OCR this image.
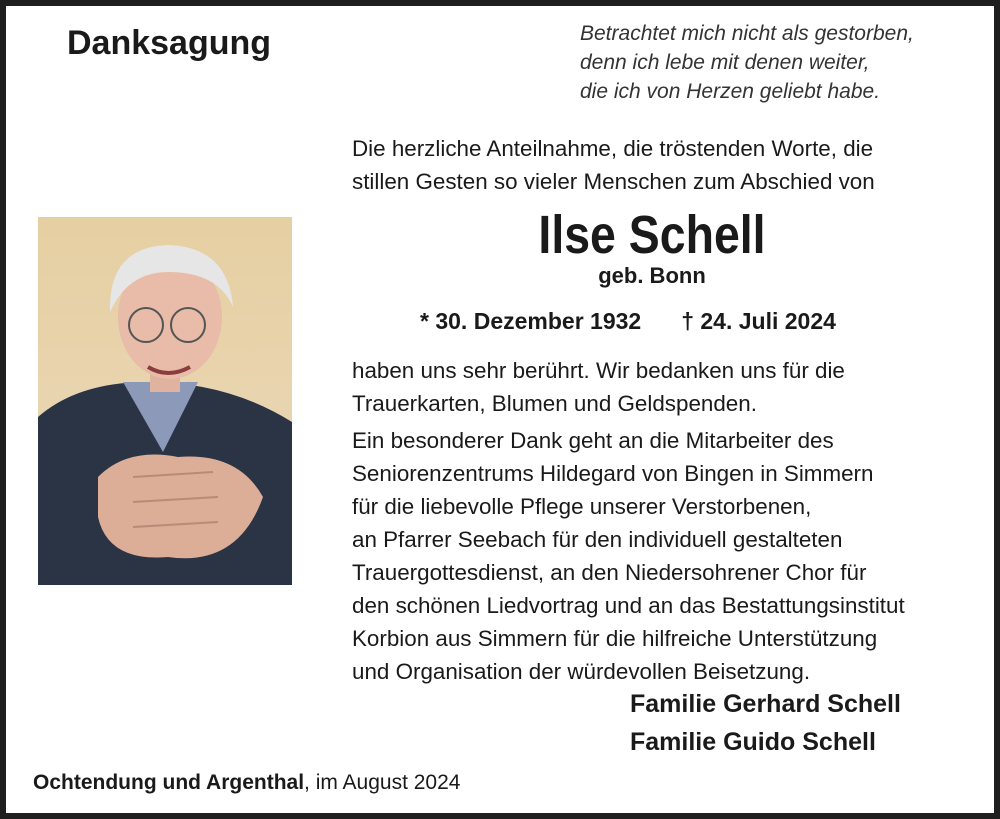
Danksagung	Betrachtet mich nicht als gestorben,
denn ich lebe mit denen weiter,
die ich von Herzen geliebt habe.
Die herzliche Anteilnahme, die tröstenden Worte, die
stillen Gesten so vieler Menschen zum Abschied von
Ilse Schell
geb. Bonn
* 30. Dezember 1932 † 24. Juli 2024
haben uns sehr berührt. Wir bedanken uns für die
Trauerkarten, Blumen und Geldspenden.
Ein besonderer Dank geht an die Mitarbeiter des
Seniorenzentrums Hildegard von Bingen in Simmern
für die liebevolle Pflege unserer Verstorbenen,
an Pfarrer Seebach für den individuell gestalteten
Trauergottesdienst, an den Niedersohrener Chor für
den schönen Liedvortrag und an das Bestattungsinstitut
Korbion aus Simmern für die hilfreiche Unterstützung
und Organisation der würdevollen Beisetzung.
Familie Gerhard Schell
Familie Guido Schell
Ochtendung und Argenthal, im August 2024
